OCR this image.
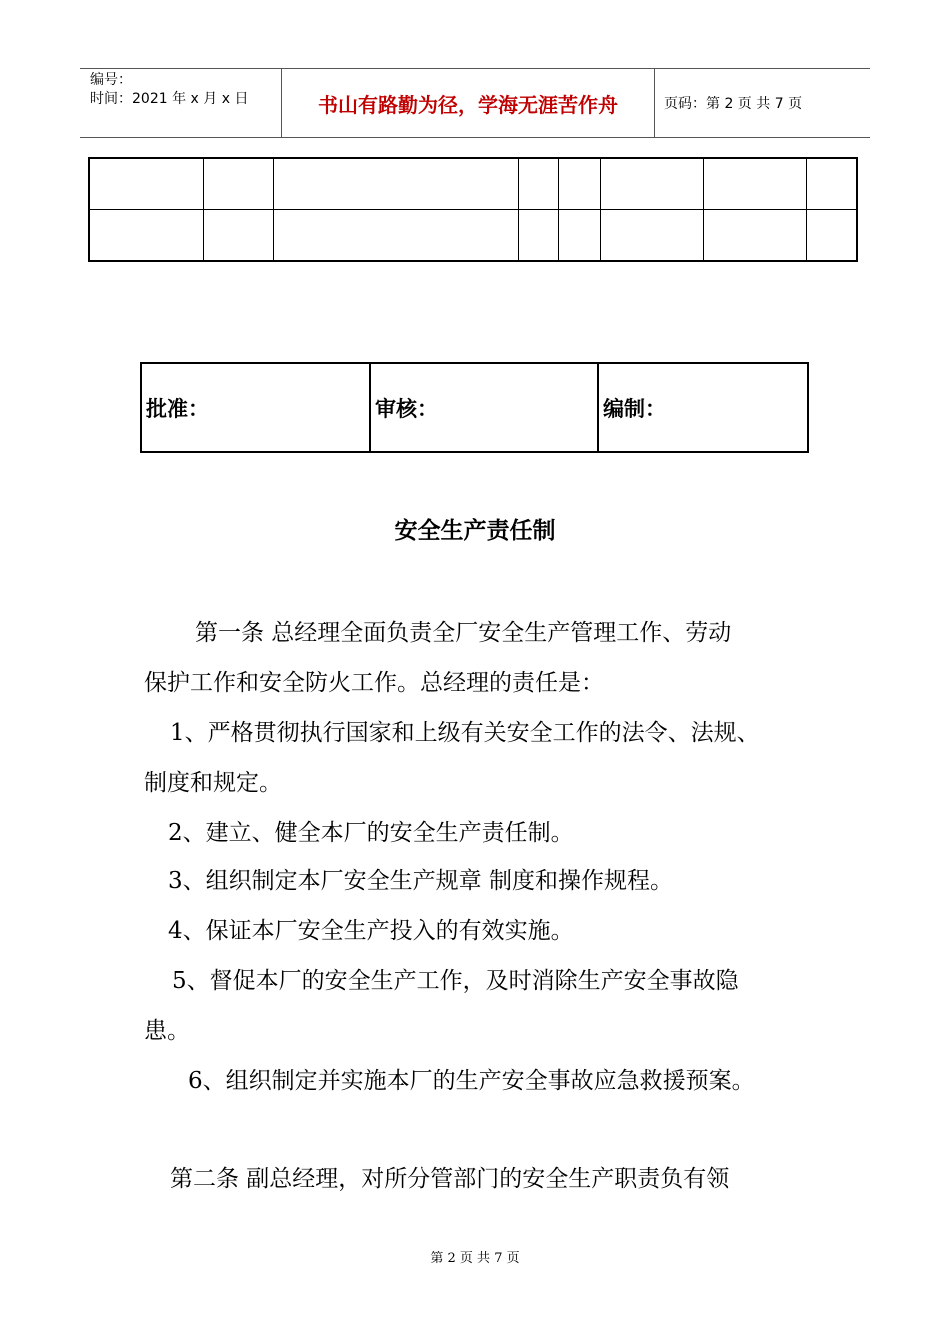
编号：
时间：2021 年 x 月 x 日	书山有路勤为径，学海无涯苦作舟	页码：第 2 页 共 7 页

批准：	审核：	编制：
安全生产责任制
第一条 总经理全面负责全厂安全生产管理工作、劳动
保护工作和安全防火工作。总经理的责任是：
1、严格贯彻执行国家和上级有关安全工作的法令、法规、
制度和规定。
2、建立、健全本厂的安全生产责任制。
3、组织制定本厂安全生产规章 制度和操作规程。
4、保证本厂安全生产投入的有效实施。
5、督促本厂的安全生产工作，及时消除生产安全事故隐
患。
6、组织制定并实施本厂的生产安全事故应急救援预案。
第二条 副总经理，对所分管部门的安全生产职责负有领
第 2 页 共 7 页
